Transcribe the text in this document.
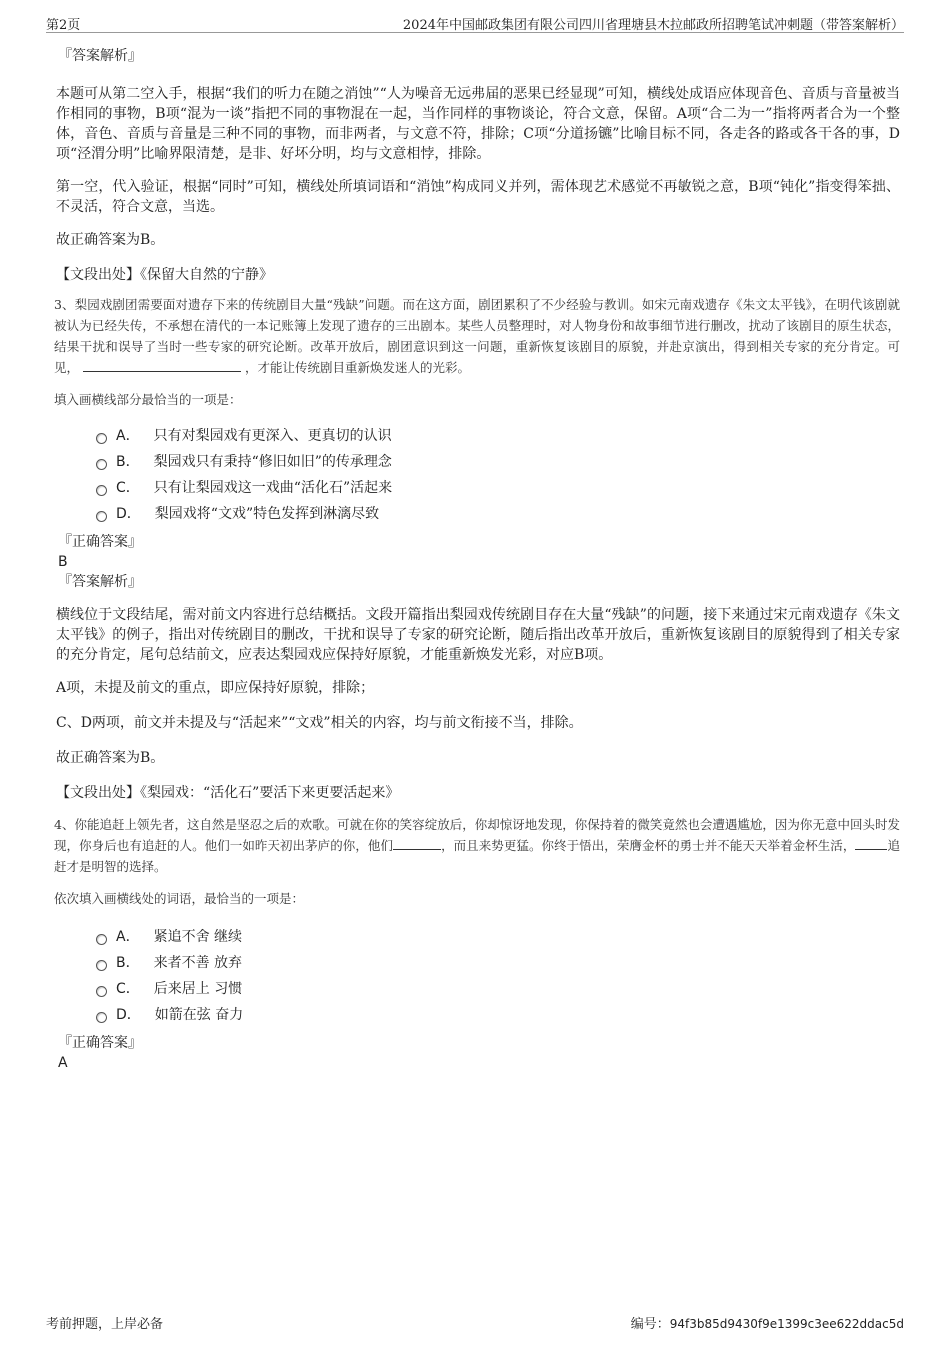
第2页	2024年中国邮政集团有限公司四川省理塘县木拉邮政所招聘笔试冲刺题（带答案解析）

『答案解析』

本题可从第二空入手，根据“我们的听力在随之消蚀”“人为噪音无远弗届的恶果已经显现”可知，横线处成语应体现音色、音质与音量被当作相同的事物，B项“混为一谈”指把不同的事物混在一起，当作同样的事物谈论，符合文意，保留。A项“合二为一”指将两者合为一个整体，音色、音质与音量是三种不同的事物，而非两者，与文意不符，排除；C项“分道扬镳”比喻目标不同，各走各的路或各干各的事，D项“泾渭分明”比喻界限清楚，是非、好坏分明，均与文意相悖，排除。

第一空，代入验证，根据“同时”可知，横线处所填词语和“消蚀”构成同义并列，需体现艺术感觉不再敏锐之意，B项“钝化”指变得笨拙、不灵活，符合文意，当选。

故正确答案为B。

【文段出处】《保留大自然的宁静》

3、梨园戏剧团需要面对遗存下来的传统剧目大量“残缺”问题。而在这方面，剧团累积了不少经验与教训。如宋元南戏遗存《朱文太平钱》，在明代该剧就被认为已经失传，不承想在清代的一本记账簿上发现了遗存的三出剧本。某些人员整理时，对人物身份和故事细节进行删改，扰动了该剧目的原生状态，结果干扰和误导了当时一些专家的研究论断。改革开放后，剧团意识到这一问题，重新恢复该剧目的原貌，并赴京演出，得到相关专家的充分肯定。可见，	，才能让传统剧目重新焕发迷人的光彩。

填入画横线部分最恰当的一项是：

A． 只有对梨园戏有更深入、更真切的认识
B． 梨园戏只有秉持“修旧如旧”的传承理念
C． 只有让梨园戏这一戏曲“活化石”活起来
D． 梨园戏将“文戏”特色发挥到淋漓尽致

『正确答案』

B

『答案解析』

横线位于文段结尾，需对前文内容进行总结概括。文段开篇指出梨园戏传统剧目存在大量“残缺”的问题，接下来通过宋元南戏遗存《朱文太平钱》的例子，指出对传统剧目的删改，干扰和误导了专家的研究论断，随后指出改革开放后，重新恢复该剧目的原貌得到了相关专家的充分肯定，尾句总结前文，应表达梨园戏应保持好原貌，才能重新焕发光彩，对应B项。

A项，未提及前文的重点，即应保持好原貌，排除；

C、D两项，前文并未提及与“活起来”“文戏”相关的内容，均与前文衔接不当，排除。

故正确答案为B。

【文段出处】《梨园戏：“活化石”要活下来更要活起来》

4、你能追赶上领先者，这自然是坚忍之后的欢歌。可就在你的笑容绽放后，你却惊讶地发现，你保持着的微笑竟然也会遭遇尴尬，因为你无意中回头时发现，你身后也有追赶的人。他们一如昨天初出茅庐的你，他们	，而且来势更猛。你终于悟出，荣膺金杯的勇士并不能天天举着金杯生活，	追赶才是明智的选择。

依次填入画横线处的词语，最恰当的一项是：

A． 紧追不舍 继续
B． 来者不善 放弃
C． 后来居上 习惯
D． 如箭在弦 奋力

『正确答案』

A

考前押题，上岸必备	编号：94f3b85d9430f9e1399c3ee622ddac5d
